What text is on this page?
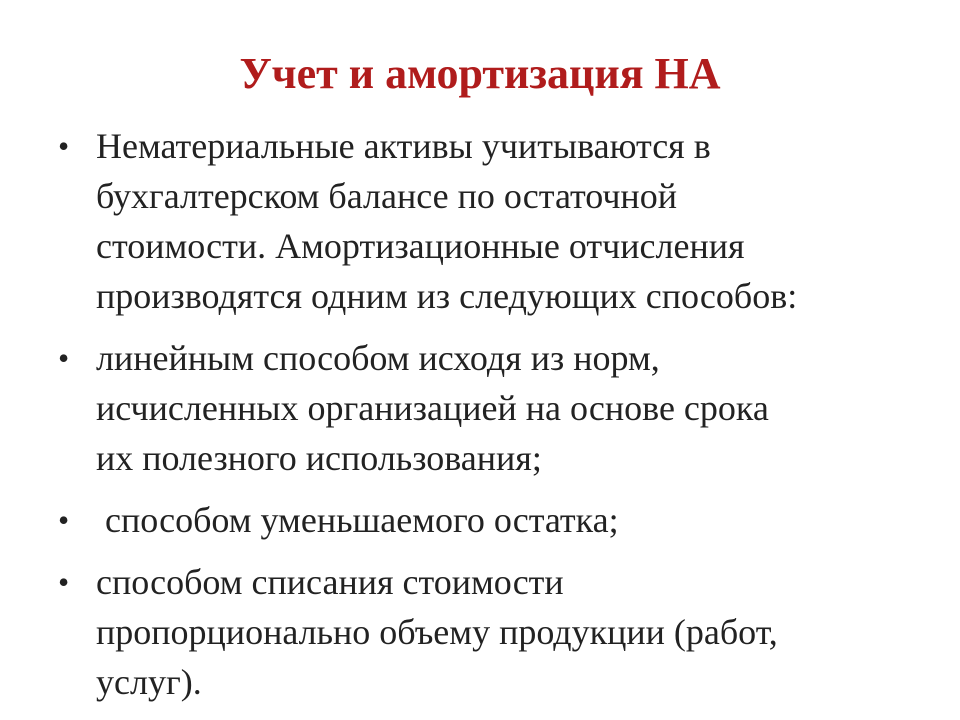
Учет и амортизация НА
• Нематериальные активы учитываются в
бухгалтерском балансе по остаточной
стоимости. Амортизационные отчисления
производятся одним из следующих способов:
• линейным способом исходя из норм,
исчисленных организацией на основе срока
их полезного использования;
• способом уменьшаемого остатка;
• способом списания стоимости
пропорционально объему продукции (работ,
услуг).
